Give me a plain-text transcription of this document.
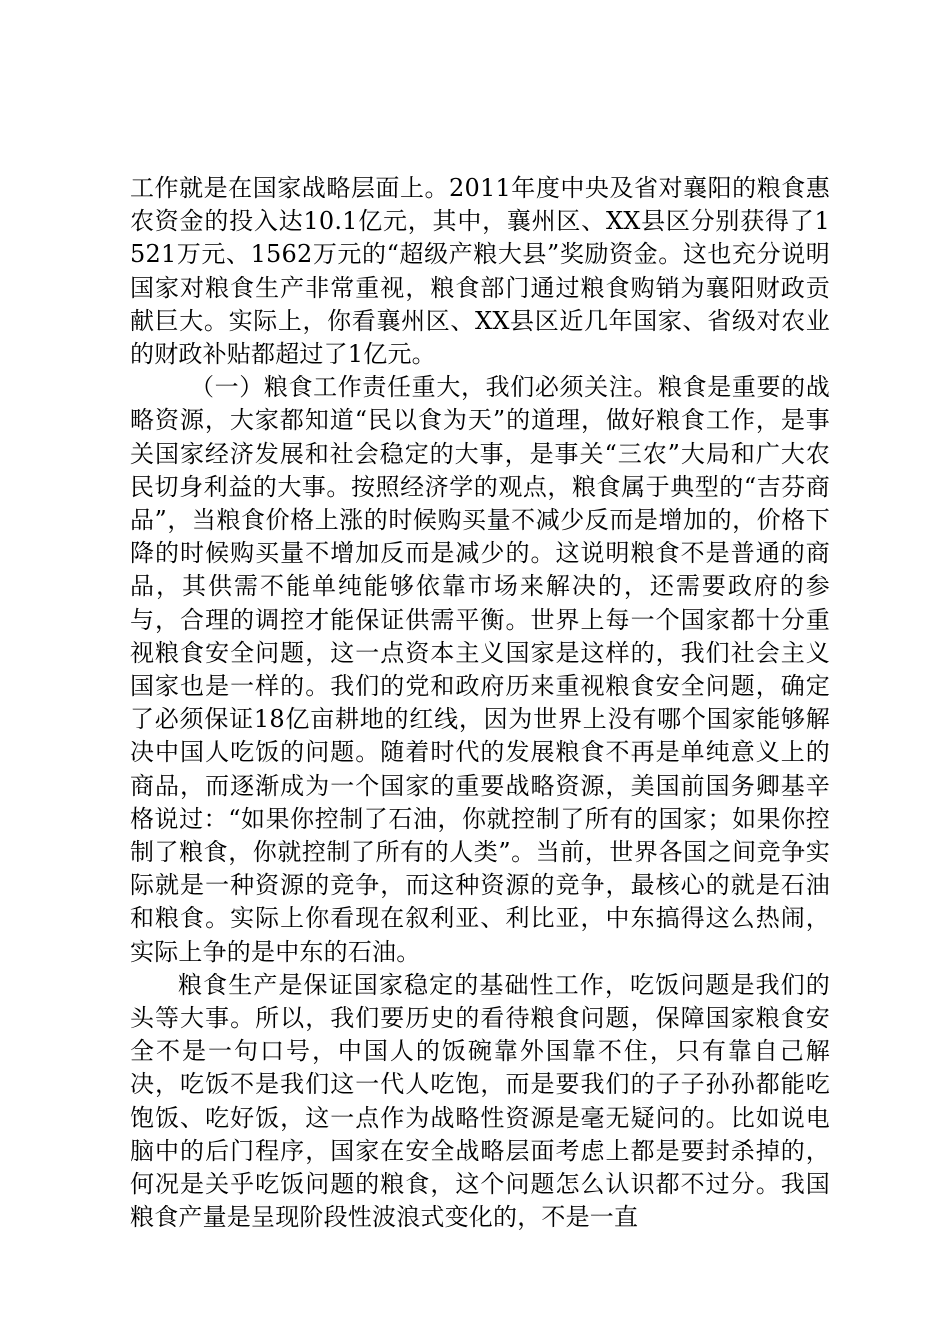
工作就是在国家战略层面上。2011年度中央及省对襄阳的粮食惠农资金的投入达10.1亿元，其中，襄州区、XX县区分别获得了1521万元、1562万元的“超级产粮大县”奖励资金。这也充分说明国家对粮食生产非常重视，粮食部门通过粮食购销为襄阳财政贡献巨大。实际上，你看襄州区、XX县区近几年国家、省级对农业的财政补贴都超过了1亿元。

（一）粮食工作责任重大，我们必须关注。粮食是重要的战略资源，大家都知道“民以食为天”的道理，做好粮食工作，是事关国家经济发展和社会稳定的大事，是事关“三农”大局和广大农民切身利益的大事。按照经济学的观点，粮食属于典型的“吉芬商品”，当粮食价格上涨的时候购买量不减少反而是增加的，价格下降的时候购买量不增加反而是减少的。这说明粮食不是普通的商品，其供需不能单纯能够依靠市场来解决的，还需要政府的参与，合理的调控才能保证供需平衡。世界上每一个国家都十分重视粮食安全问题，这一点资本主义国家是这样的，我们社会主义国家也是一样的。我们的党和政府历来重视粮食安全问题，确定了必须保证18亿亩耕地的红线，因为世界上没有哪个国家能够解决中国人吃饭的问题。随着时代的发展粮食不再是单纯意义上的商品，而逐渐成为一个国家的重要战略资源，美国前国务卿基辛格说过：“如果你控制了石油，你就控制了所有的国家；如果你控制了粮食，你就控制了所有的人类”。当前，世界各国之间竞争实际就是一种资源的竞争，而这种资源的竞争，最核心的就是石油和粮食。实际上你看现在叙利亚、利比亚，中东搞得这么热闹，实际上争的是中东的石油。

粮食生产是保证国家稳定的基础性工作，吃饭问题是我们的头等大事。所以，我们要历史的看待粮食问题，保障国家粮食安全不是一句口号，中国人的饭碗靠外国靠不住，只有靠自己解决，吃饭不是我们这一代人吃饱，而是要我们的子子孙孙都能吃饱饭、吃好饭，这一点作为战略性资源是毫无疑问的。比如说电脑中的后门程序，国家在安全战略层面考虑上都是要封杀掉的，何况是关乎吃饭问题的粮食，这个问题怎么认识都不过分。我国粮食产量是呈现阶段性波浪式变化的，不是一直
